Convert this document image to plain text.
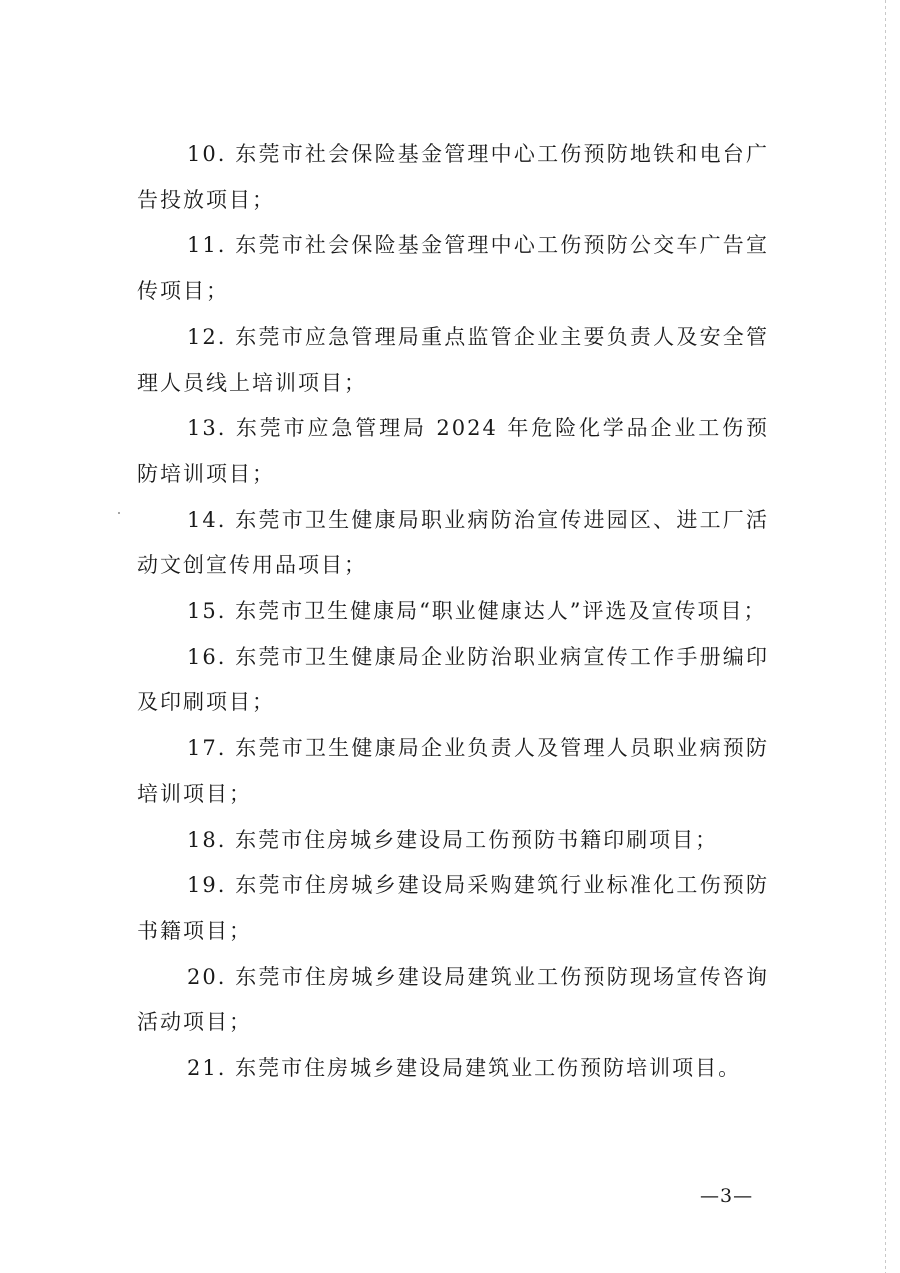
10. 东莞市社会保险基金管理中心工伤预防地铁和电台广告投放项目；

11. 东莞市社会保险基金管理中心工伤预防公交车广告宣传项目；

12. 东莞市应急管理局重点监管企业主要负责人及安全管理人员线上培训项目；

13. 东莞市应急管理局 2024 年危险化学品企业工伤预防培训项目；

14. 东莞市卫生健康局职业病防治宣传进园区、进工厂活动文创宣传用品项目；

15. 东莞市卫生健康局“职业健康达人”评选及宣传项目；

16. 东莞市卫生健康局企业防治职业病宣传工作手册编印及印刷项目；

17. 东莞市卫生健康局企业负责人及管理人员职业病预防培训项目；

18. 东莞市住房城乡建设局工伤预防书籍印刷项目；

19. 东莞市住房城乡建设局采购建筑行业标准化工伤预防书籍项目；

20. 东莞市住房城乡建设局建筑业工伤预防现场宣传咨询活动项目；

21. 东莞市住房城乡建设局建筑业工伤预防培训项目。

—3—
